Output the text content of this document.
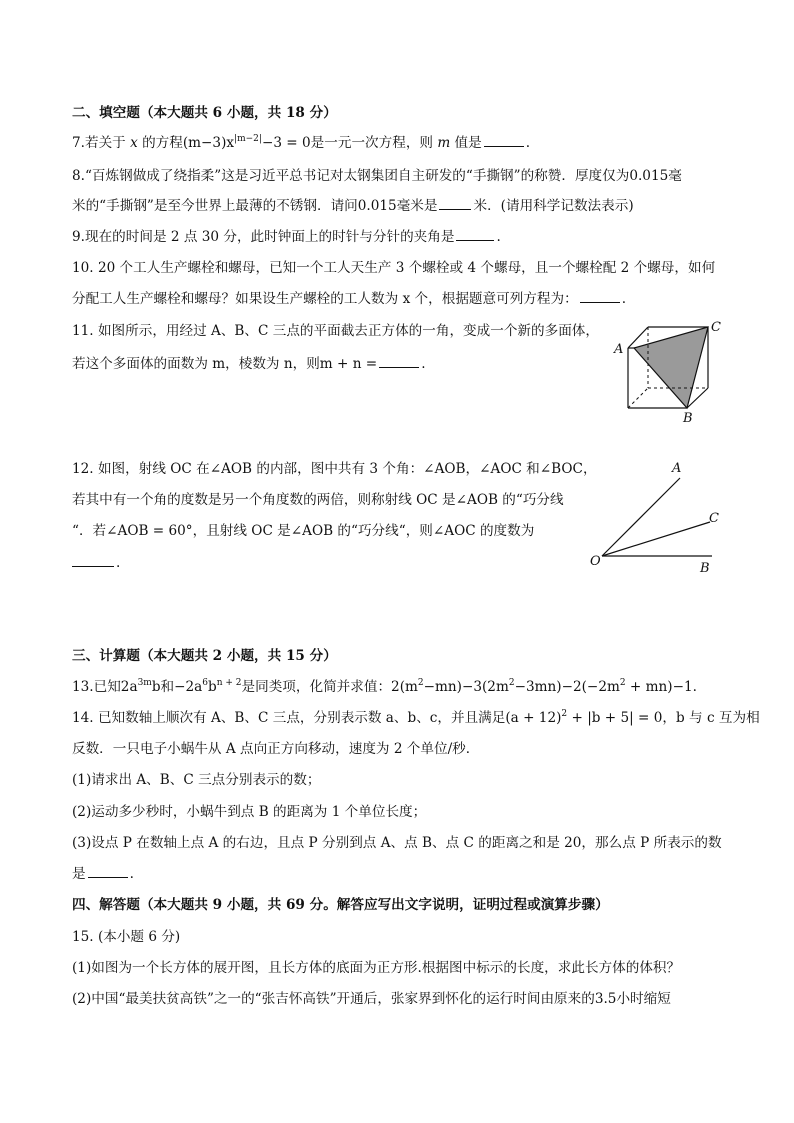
二、填空题（本大题共 6 小题，共 18 分）
7.若关于 x 的方程$(m-3)x^{|m-2|}-3 = 0$是一元一次方程，则 m 值是	.
8.“百炼钢做成了绕指柔”这是习近平总书记对太钢集团自主研发的“手撕钢”的称赞．厚度仅为0.015毫
米的“手撕钢”是至今世界上最薄的不锈钢．请问0.015毫米是	米．(请用科学记数法表示)
9.现在的时间是 2 点 30 分，此时钟面上的时针与分针的夹角是	.
10. 20 个工人生产螺栓和螺母，已知一个工人天生产 3 个螺栓或 4 个螺母，且一个螺栓配 2 个螺母，如何
分配工人生产螺栓和螺母？如果设生产螺栓的工人数为 x 个，根据题意可列方程为：	.
11. 如图所示，用经过 A、B、C 三点的平面截去正方体的一角，变成一个新的多面体，
若这个多面体的面数为 m，棱数为 n，则m + n =	.
A
C
B
12. 如图，射线 OC 在∠AOB 的内部，图中共有 3 个角：∠AOB，∠AOC 和∠BOC，
若其中有一个角的度数是另一个角度数的两倍，则称射线 OC 是∠AOB 的“巧分线
“．若∠AOB = 60°，且射线 OC 是∠AOB 的“巧分线“，则∠AOC 的度数为
.
A
C
O	B
三、计算题（本大题共 2 小题，共 15 分）
13.已知$2a^{3m}b$和$-2a^6b^{n + 2}$是同类项，化简并求值：$2(m^2-mn)-3(2m^2-3mn)-2(-2m^2 + mn)-1$.
14. 已知数轴上顺次有 A、B、C 三点，分别表示数 a、b、c，并且满足$(a + 12)^2 + |b + 5| = 0$，b 与 c 互为相
反数．一只电子小蜗牛从 A 点向正方向移动，速度为 2 个单位/秒．
(1)请求出 A、B、C 三点分别表示的数；
(2)运动多少秒时，小蜗牛到点 B 的距离为 1 个单位长度；
(3)设点 P 在数轴上点 A 的右边，且点 P 分别到点 A、点 B、点 C 的距离之和是 20，那么点 P 所表示的数
是	.
四、解答题（本大题共 9 小题，共 69 分。解答应写出文字说明，证明过程或演算步骤）
15. (本小题 6 分)
(1)如图为一个长方体的展开图，且长方体的底面为正方形.根据图中标示的长度，求此长方体的体积？
(2)中国“最美扶贫高铁”之一的“张吉怀高铁”开通后，张家界到怀化的运行时间由原来的3.5小时缩短
